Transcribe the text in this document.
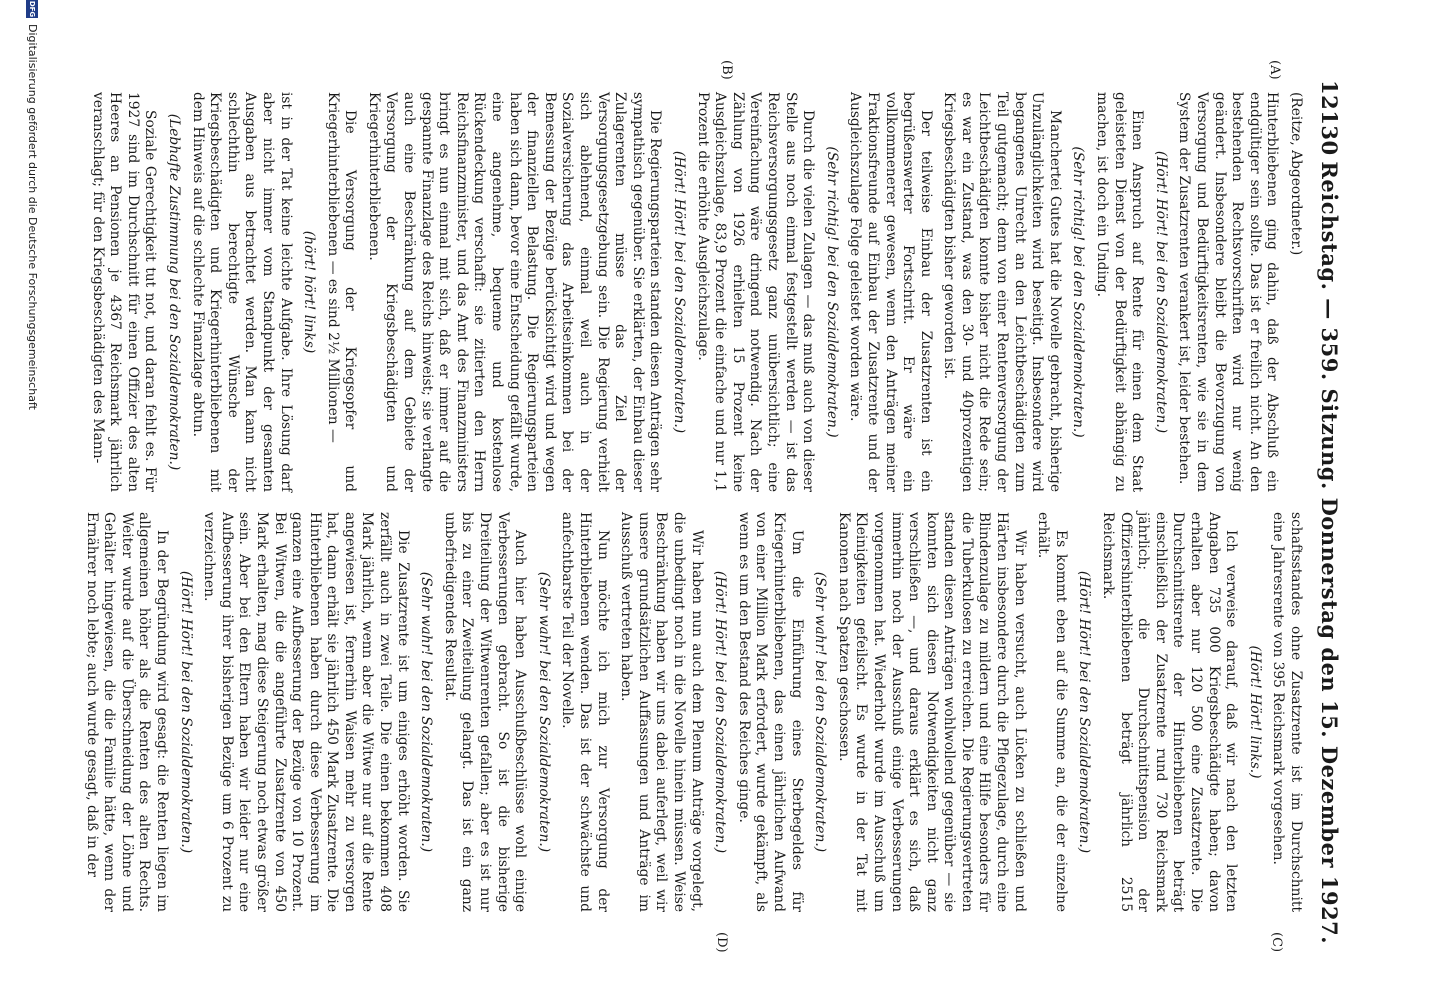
12130
Reichstag. — 359. Sitzung. Donnerstag den 15. Dezember 1927.
(A)
(B)
(C)
(D)

(Reitze, Abgeordneter.)

Hinterbliebenen ging dahin, daß der Abschluß ein endgültiger sein sollte. Das ist er freilich nicht. An den bestehenden Rechtsvorschriften wird nur wenig geändert. Insbesondere bleibt die Bevorzugung von Versorgung und Bedürftigkeitsrenten, wie sie in dem System der Zusatzrenten verankert ist, leider bestehen.

(Hört! Hört! bei den Sozialdemokraten.)

Einen Anspruch auf Rente für einen dem Staat geleisteten Dienst von der Bedürftigkeit abhängig zu machen, ist doch ein Unding.

(Sehr richtig! bei den Sozialdemokraten.)

Manchertei Gutes hat die Novelle gebracht, bisherige Unzulänglichkeiten wird beseitigt. Insbesondere wird begangenes Unrecht an den Leichtbeschädigten zum Teil gutgemacht; denn von einer Rentenversorgung der Leichtbeschädigten konnte bisher nicht die Rede sein; es war ein Zustand, was den 30- und 40prozentigen Kriegsbeschädigten bisher geworden ist.

Der teilweise Einbau der Zusatzrenten ist ein begrüßenswerter Fortschritt. Er wäre ein vollkommenerer gewesen, wenn den Anträgen meiner Fraktionsfreunde auf Einbau der Zusatzrente und der Ausgleichszulage Folge geleistet worden wäre.

(Sehr richtig! bei den Sozialdemokraten.)

Durch die vielen Zulagen — das muß auch von dieser Stelle aus noch einmal festgestellt werden — ist das Reichsversorgungsgesetz ganz unübersichtlich; eine Vereinfachung wäre dringend notwendig. Nach der Zählung von 1926 erhielten 15 Prozent keine Ausgleichszulage, 83,9 Prozent die einfache und nur 1,1 Prozent die erhöhte Ausgleichszulage.

(Hört! Hört! bei den Sozialdemokraten.)

Die Regierungsparteien standen diesen Anträgen sehr sympathisch gegenüber. Sie erklärten, der Einbau dieser Zulagerenten müsse das Ziel der Versorgungsgesetzgebung sein. Die Regierung verhielt sich ablehnend, einmal weil auch in der Sozialversicherung das Arbeitseinkommen bei der Bemessung der Bezüge berücksichtigt wird und wegen der finanziellen Belastung. Die Regierungsparteien haben sich dann, bevor eine Entscheidung gefällt wurde, eine angenehme, bequeme und kostenlose Rückendeckung verschafft: sie zitierten den Herrn Reichsfinanzminister, und das Amt des Finanzministers bringt es nun einmal mit sich, daß er immer auf die gespannte Finanzlage des Reichs hinweist; sie verlangte auch eine Beschränkung auf dem Gebiete der Versorgung der Kriegsbeschädigten und Kriegerhinterbliebenen.

Die Versorgung der Kriegsopfer und Kriegerhinterbliebenen — es sind 2½ Millionen —

(hört! hört! links)

ist in der Tat keine leichte Aufgabe. Ihre Lösung darf aber nicht immer vom Standpunkt der gesamten Ausgaben aus betrachtet werden. Man kann nicht schlechthin berechtigte Wünsche der Kriegsbeschädigten und Kriegerhinterbliebenen mit dem Hinweis auf die schlechte Finanzlage abtun.

(Lebhafte Zustimmung bei den Sozialdemokraten.)

Soziale Gerechtigkeit tut not, und daran fehlt es. Für 1927 sind im Durchschnitt für einen Offizier des alten Heeres an Pensionen je 4367 Reichsmark jährlich veranschlagt; für den Kriegsbeschädigten des Mann-

schaftsstandes ohne Zusatzrente ist im Durchschnitt eine Jahresrente von 395 Reichsmark vorgesehen.

(Hört! Hört! links.)

Ich verweise darauf, daß wir nach den letzten Angaben 735 000 Kriegsbeschädigte haben; davon erhalten aber nur 120 500 eine Zusatzrente. Die Durchschnittsrente der Hinterbliebenen beträgt einschließlich der Zusatzrente rund 730 Reichsmark jährlich; die Durchschnittspension der Offiziershinterbliebenen beträgt jährlich 2515 Reichsmark.

(Hört! Hört! bei den Sozialdemokraten.)

Es kommt eben auf die Summe an, die der einzelne erhält.

Wir haben versucht, auch Lücken zu schließen und Härten insbesondere durch die Pflegezulage, durch eine Blindenzulage zu mildern und eine Hilfe besonders für die Tuberkulosen zu erreichen. Die Regierungsvertreten standen diesen Anträgen wohlwollend gegenüber — sie konnten sich diesen Notwendigkeiten nicht ganz verschließen —, und daraus erklärt es sich, daß immerhin noch der Ausschuß einige Verbesserungen vorgenommen hat. Wiederholt wurde im Ausschuß um Kleinigkeiten gefeilscht. Es wurde in der Tat mit Kanonen nach Spatzen geschossen.

(Sehr wahr! bei den Sozialdemokraten.)

Um die Einführung eines Sterbegeldes für Kriegerhinterbliebenen, das einen jährlichen Aufwand von einer Million Mark erfordert, wurde gekämpft, als wenn es um den Bestand des Reiches ginge.

(Hört! Hört! bei den Sozialdemokraten.)

Wir haben nun auch dem Plenum Anträge vorgelegt, die unbedingt noch in die Novelle hinein müssen. Weise Beschränkung haben wir uns dabei auferlegt, weil wir unsere grundsätzlichen Auffassungen und Anträge im Ausschuß vertreten haben.

Nun möchte ich mich zur Versorgung der Hinterbliebenen wenden. Das ist der schwächste und anfechtbarste Teil der Novelle.

(Sehr wahr! bei den Sozialdemokraten.)

Auch hier haben Ausschußbeschlüsse wohl einige Verbesserungen gebracht. So ist die bisherige Dreiteilung der Witwenrenten gefallen; aber es ist nur bis zu einer Zweiteilung gelangt. Das ist ein ganz unbefriedigendes Resultat.

(Sehr wahr! bei den Sozialdemokraten.)

Die Zusatzrente ist um einiges erhöht worden. Sie zerfällt auch in zwei Teile. Die einen bekommen 408 Mark jährlich, wenn aber die Witwe nur auf die Rente angewiesen ist, fernerhin Waisen mehr zu versorgen hat, dann erhält sie jährlich 450 Mark Zusatzrente. Die Hinterbliebenen haben durch diese Verbesserung im ganzen eine Aufbesserung der Bezüge von 10 Prozent. Bei Witwen, die die angeführte Zusatzrente von 450 Mark erhalten, mag diese Steigerung noch etwas größer sein. Aber bei den Eltern haben wir leider nur eine Aufbesserung ihrer bisherigen Bezüge um 6 Prozent zu verzeichnen.

(Hört! Hört! bei den Sozialdemokraten.)

In der Begründung wird gesagt: die Renten liegen im allgemeinen höher als die Renten des alten Rechts. Weiter wurde auf die Überschneidung der Löhne und Gehälter hingewiesen, die die Familie hätte, wenn der Ernährer noch lebte; auch wurde gesagt, daß in der

DFG
Digitalisierung gefördert durch die Deutsche Forschungsgemeinschaft
